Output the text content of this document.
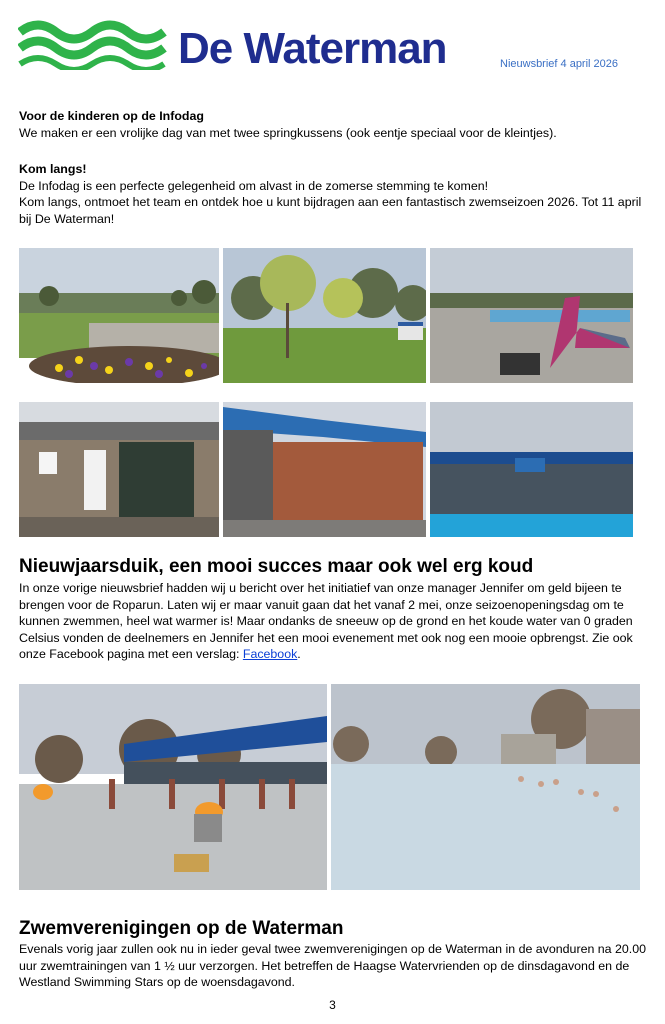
De Waterman	Nieuwsbrief 4 april 2026
Voor de kinderen op de Infodag
We maken er een vrolijke dag van met twee springkussens (ook eentje speciaal voor de kleintjes).
Kom langs!
De Infodag is een perfecte gelegenheid om alvast in de zomerse stemming te komen!
Kom langs, ontmoet het team en ontdek hoe u kunt bijdragen aan een fantastisch zwemseizoen 2026. Tot 11 april bij De Waterman!
Nieuwjaarsduik, een mooi succes maar ook wel erg koud
In onze vorige nieuwsbrief hadden wij u bericht over het initiatief van onze manager Jennifer om geld bijeen te brengen voor de Roparun. Laten wij er maar vanuit gaan dat het vanaf 2 mei, onze seizoenopeningsdag om te kunnen zwemmen, heel wat warmer is! Maar ondanks de sneeuw op de grond en het koude water van 0 graden Celsius vonden de deelnemers en Jennifer het een mooi evenement met ook nog een mooie opbrengst. Zie ook onze Facebook pagina met een verslag: Facebook.
Zwemverenigingen op de Waterman
Evenals vorig jaar zullen ook nu in ieder geval twee zwemverenigingen op de Waterman in de avonduren na 20.00 uur zwemtrainingen van 1 ½ uur verzorgen. Het betreffen de Haagse Watervrienden op de dinsdagavond en de Westland Swimming Stars op de woensdagavond.
3
